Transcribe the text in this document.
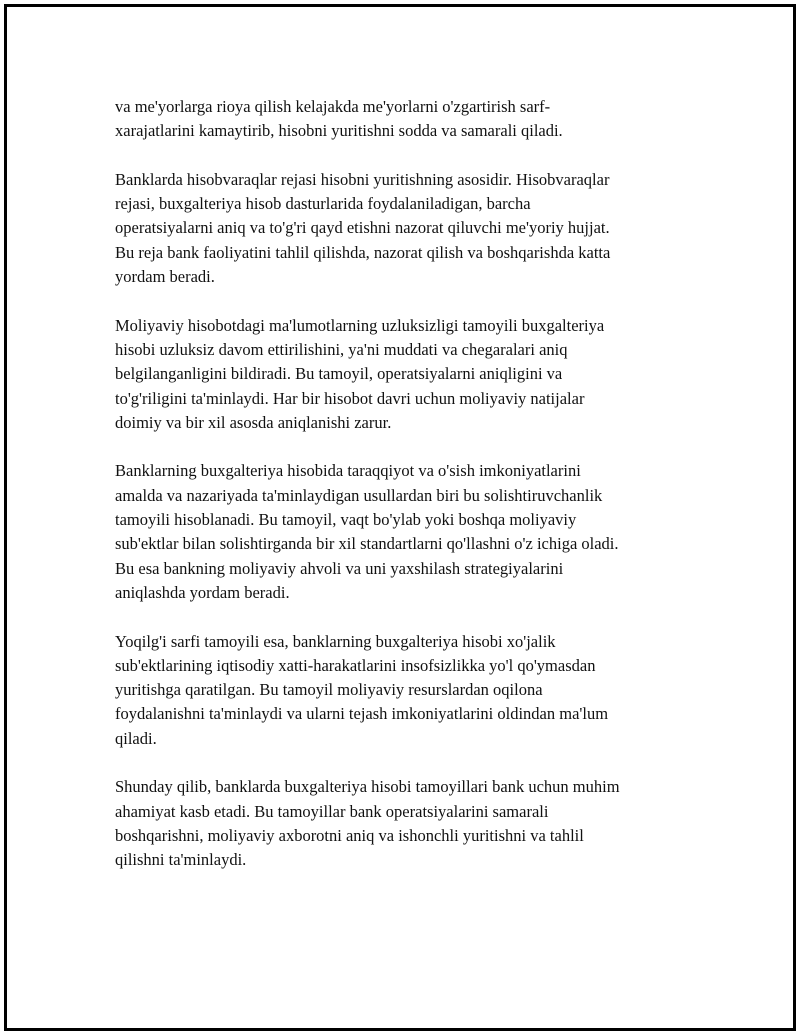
va me'yorlarga rioya qilish kelajakda me'yorlarni o'zgartirish sarf-
xarajatlarini kamaytirib, hisobni yuritishni sodda va samarali qiladi.

Banklarda hisobvaraqlar rejasi hisobni yuritishning asosidir. Hisobvaraqlar
rejasi, buxgalteriya hisob dasturlarida foydalaniladigan, barcha
operatsiyalarni aniq va to'g'ri qayd etishni nazorat qiluvchi me'yoriy hujjat.
Bu reja bank faoliyatini tahlil qilishda, nazorat qilish va boshqarishda katta
yordam beradi.

Moliyaviy hisobotdagi ma'lumotlarning uzluksizligi tamoyili buxgalteriya
hisobi uzluksiz davom ettirilishini, ya'ni muddati va chegaralari aniq
belgilanganligini bildiradi. Bu tamoyil, operatsiyalarni aniqligini va
to'g'riligini ta'minlaydi. Har bir hisobot davri uchun moliyaviy natijalar
doimiy va bir xil asosda aniqlanishi zarur.

Banklarning buxgalteriya hisobida taraqqiyot va o'sish imkoniyatlarini
amalda va nazariyada ta'minlaydigan usullardan biri bu solishtiruvchanlik
tamoyili hisoblanadi. Bu tamoyil, vaqt bo'ylab yoki boshqa moliyaviy
sub'ektlar bilan solishtirganda bir xil standartlarni qo'llashni o'z ichiga oladi.
Bu esa bankning moliyaviy ahvoli va uni yaxshilash strategiyalarini
aniqlashda yordam beradi.

Yoqilg'i sarfi tamoyili esa, banklarning buxgalteriya hisobi xo'jalik
sub'ektlarining iqtisodiy xatti-harakatlarini insofsizlikka yo'l qo'ymasdan
yuritishga qaratilgan. Bu tamoyil moliyaviy resurslardan oqilona
foydalanishni ta'minlaydi va ularni tejash imkoniyatlarini oldindan ma'lum
qiladi.

Shunday qilib, banklarda buxgalteriya hisobi tamoyillari bank uchun muhim
ahamiyat kasb etadi. Bu tamoyillar bank operatsiyalarini samarali
boshqarishni, moliyaviy axborotni aniq va ishonchli yuritishni va tahlil
qilishni ta'minlaydi.
